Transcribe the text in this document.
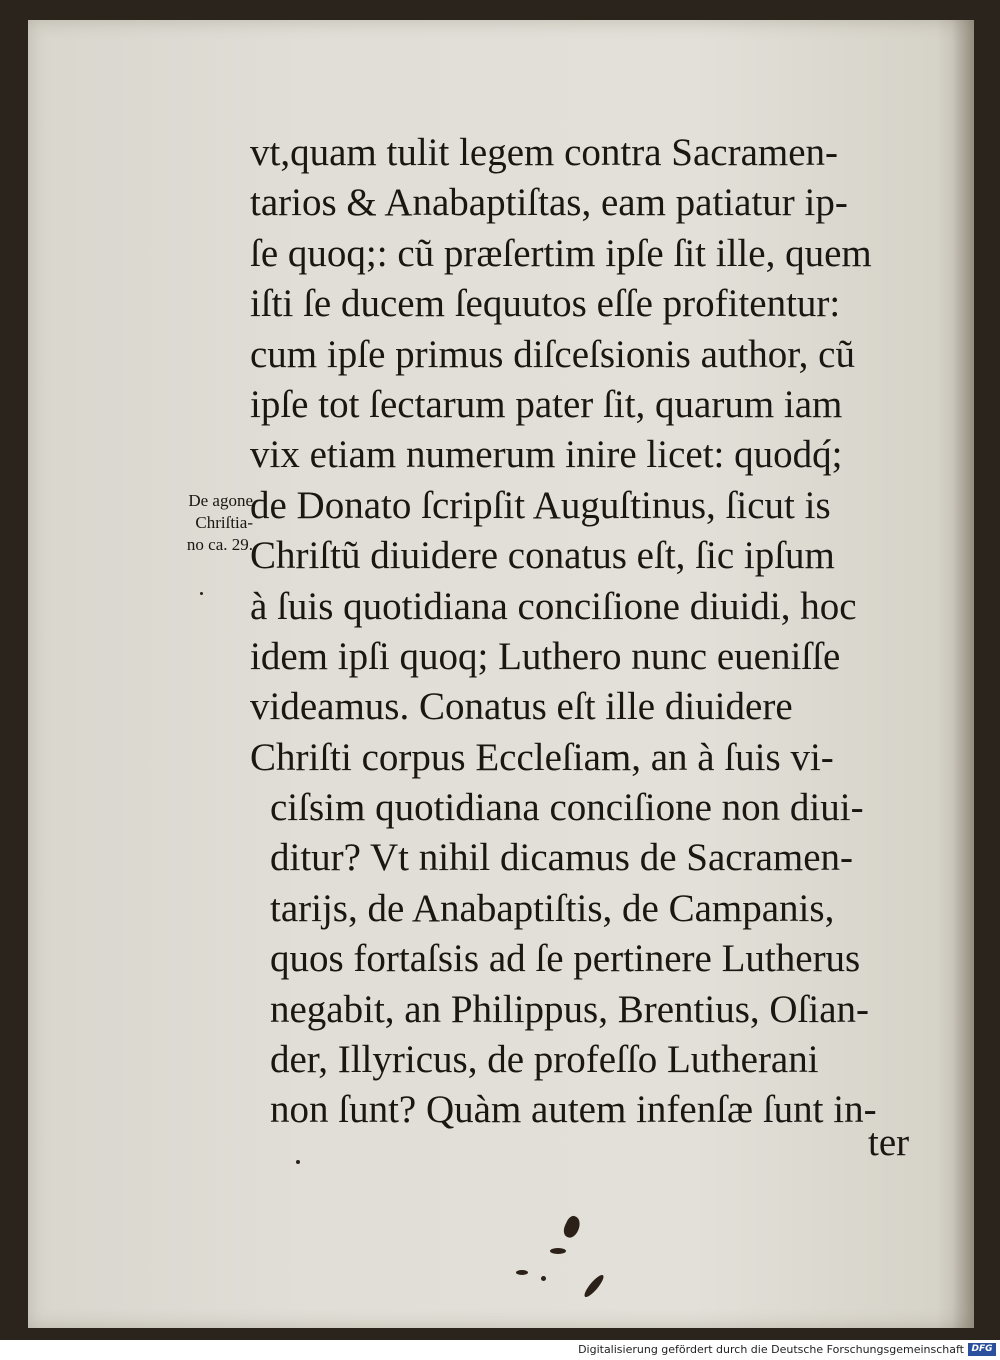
De agone
Chriſtia-
no ca. 29.
vt,quam tulit legem contra Sacramen-
tarios & Anabaptiſtas, eam patiatur ip-
ſe quoq;: cũ præſertim ipſe ſit ille, quem
iſti ſe ducem ſequutos eſſe profitentur:
cum ipſe primus diſceſsionis author, cũ
ipſe tot ſectarum pater ſit, quarum iam
vix etiam numerum inire licet: quodq́;
de Donato ſcripſit Auguſtinus, ſicut is
Chriſtũ diuidere conatus eſt, ſic ipſum
à ſuis quotidiana conciſione diuidi, hoc
idem ipſi quoq; Luthero nunc eueniſſe
videamus. Conatus eſt ille diuidere
Chriſti corpus Eccleſiam, an à ſuis vi-
ciſsim quotidiana conciſione non diui-
ditur? Vt nihil dicamus de Sacramen-
tarijs, de Anabaptiſtis, de Campanis,
quos fortaſsis ad ſe pertinere Lutherus
negabit, an Philippus, Brentius, Oſian-
der, Illyricus, de profeſſo Lutherani
non ſunt? Quàm autem infenſæ ſunt in-
ter
Digitalisierung gefördert durch die Deutsche Forschungsgemeinschaft DFG
